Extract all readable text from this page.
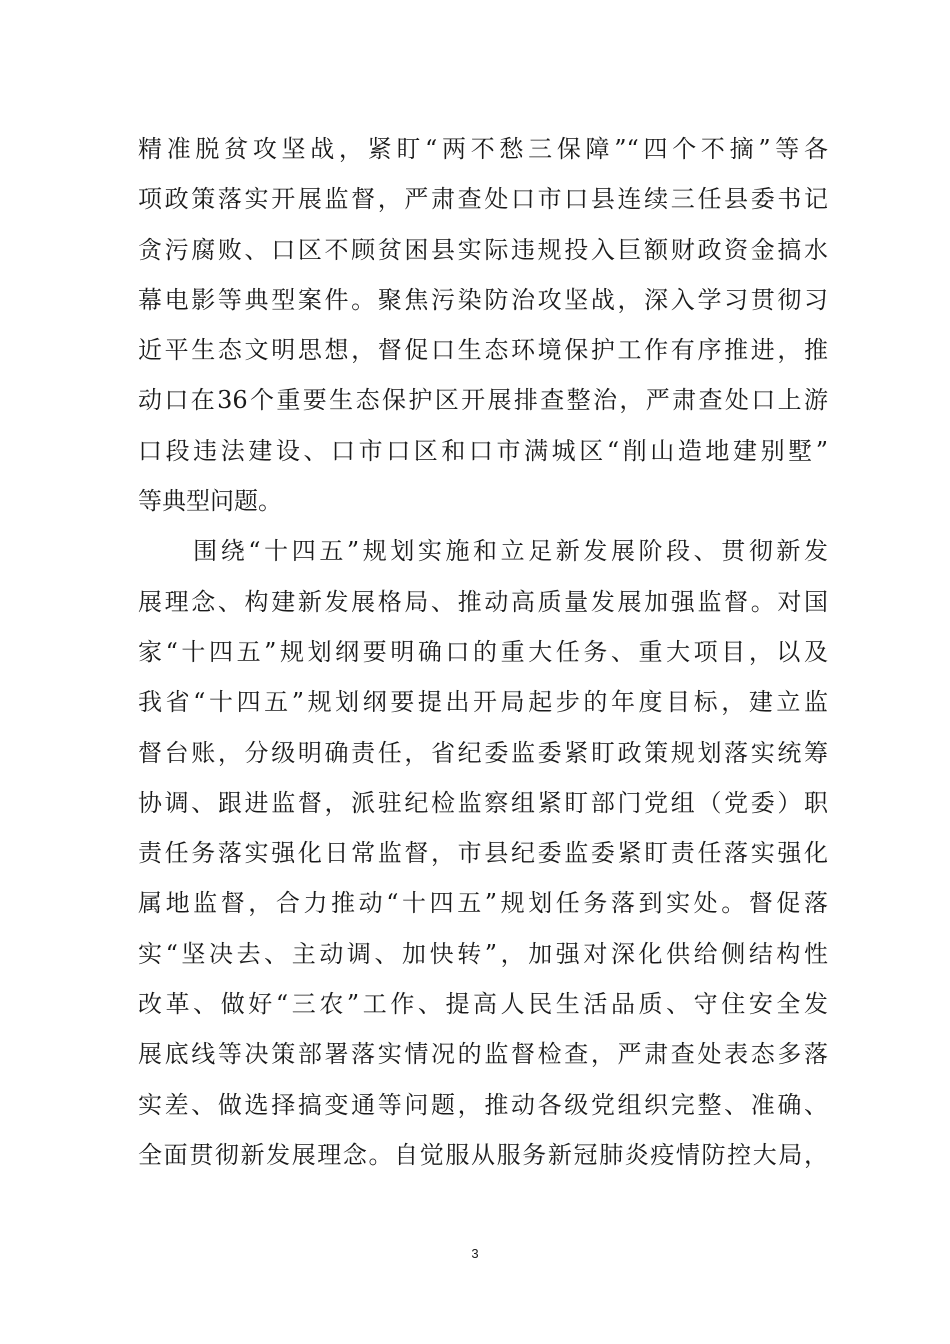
精准脱贫攻坚战，紧盯“两不愁三保障”“四个不摘”等各
项政策落实开展监督，严肃查处口市口县连续三任县委书记
贪污腐败、口区不顾贫困县实际违规投入巨额财政资金搞水
幕电影等典型案件。聚焦污染防治攻坚战，深入学习贯彻习
近平生态文明思想，督促口生态环境保护工作有序推进，推
动口在36个重要生态保护区开展排查整治，严肃查处口上游
口段违法建设、口市口区和口市满城区“削山造地建别墅”
等典型问题。
　　围绕“十四五”规划实施和立足新发展阶段、贯彻新发
展理念、构建新发展格局、推动高质量发展加强监督。对国
家“十四五”规划纲要明确口的重大任务、重大项目，以及
我省“十四五”规划纲要提出开局起步的年度目标，建立监
督台账，分级明确责任，省纪委监委紧盯政策规划落实统筹
协调、跟进监督，派驻纪检监察组紧盯部门党组（党委）职
责任务落实强化日常监督，市县纪委监委紧盯责任落实强化
属地监督，合力推动“十四五”规划任务落到实处。督促落
实“坚决去、主动调、加快转”，加强对深化供给侧结构性
改革、做好“三农”工作、提高人民生活品质、守住安全发
展底线等决策部署落实情况的监督检查，严肃查处表态多落
实差、做选择搞变通等问题，推动各级党组织完整、准确、
全面贯彻新发展理念。自觉服从服务新冠肺炎疫情防控大局，
3
